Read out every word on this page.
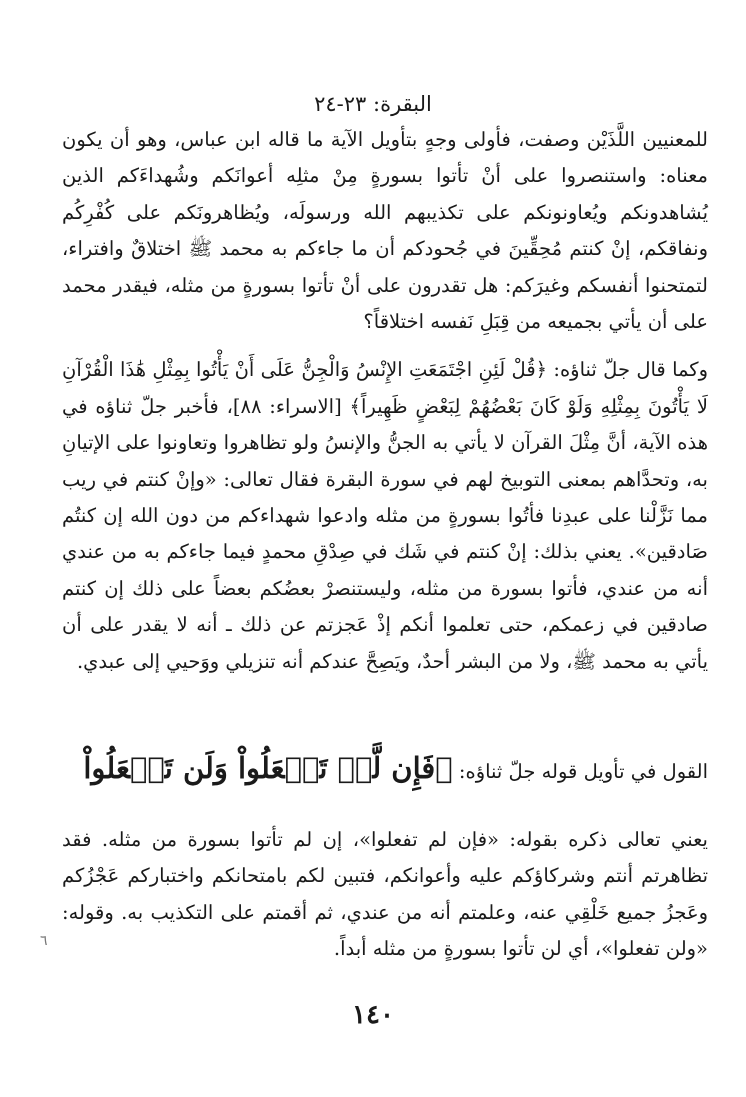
البقرة: ٢٣-٢٤

للمعنيين اللَّذَيْن وصفت، فأولى وجهٍ بتأويل الآية ما قاله ابن عباس، وهو أن يكون معناه: واستنصروا على أنْ تأتوا بسورةٍ مِنْ مثلِه أعوانَكم وشُهداءَكم الذين يُشاهدونكم ويُعاونونكم على تكذيبهم الله ورسولَه، ويُظاهرونَكم على كُفْرِكُم ونفاقكم، إنْ كنتم مُحِقِّينَ في جُحودكم أن ما جاءكم به محمد ﷺ اختلاقٌ وافتراء، لتمتحنوا أنفسكم وغيرَكم: هل تقدرون على أنْ تأتوا بسورةٍ من مثله، فيقدر محمد على أن يأتي بجميعه من قِبَلِ نَفسه اختلاقاً؟

وكما قال جلّ ثناؤه: ﴿قُلْ لَئِنِ اجْتَمَعَتِ الإِنْسُ وَالْجِنُّ عَلَى أَنْ يَأْتُوا بِمِثْلِ هَٰذَا الْقُرْآنِ لَا يَأْتُونَ بِمِثْلِهِ وَلَوْ كَانَ بَعْضُهُمْ لِبَعْضٍ ظَهِيراً﴾ [الاسراء: ٨٨]، فأخبر جلّ ثناؤه في هذه الآية، أنَّ مِثْلَ القرآن لا يأتي به الجنُّ والإنسُ ولو تظاهروا وتعاونوا على الإتيانِ به، وتحدَّاهم بمعنى التوبيخ لهم في سورة البقرة فقال تعالى: «وإنْ كنتم في ريب مما نَزَّلْنا على عبدِنا فأتُوا بسورةٍ من مثله وادعوا شهداءكم من دون الله إن كنتُم صَادقين». يعني بذلك: إنْ كنتم في شَك في صِدْقِ محمدٍ فيما جاءكم به من عندي أنه من عندي، فأتوا بسورة من مثله، وليستنصرْ بعضُكم بعضاً على ذلك إن كنتم صادقين في زعمكم، حتى تعلموا أنكم إذْ عَجزتم عن ذلك ـ أنه لا يقدر على أن يأتي به محمد ﷺ، ولا من البشر أحدٌ، ويَصِحَّ عندكم أنه تنزيلي ووَحيي إلى عبدي.

القول في تأويل قوله جلّ ثناؤه: ﴿فَإِن لَّمۡ تَفۡعَلُواْ وَلَن تَفۡعَلُواْ

يعني تعالى ذكره بقوله: «فإن لم تفعلوا»، إن لم تأتوا بسورة من مثله. فقد تظاهرتم أنتم وشركاؤكم عليه وأعوانكم، فتبين لكم بامتحانكم واختباركم عَجْزُكم وعَجزُ جميع خَلْقِي عنه، وعلمتم أنه من عندي، ثم أقمتم على التكذيب به. وقوله: «ولن تفعلوا»، أي لن تأتوا بسورةٍ من مثله أبداً.

٦
١٤٠
